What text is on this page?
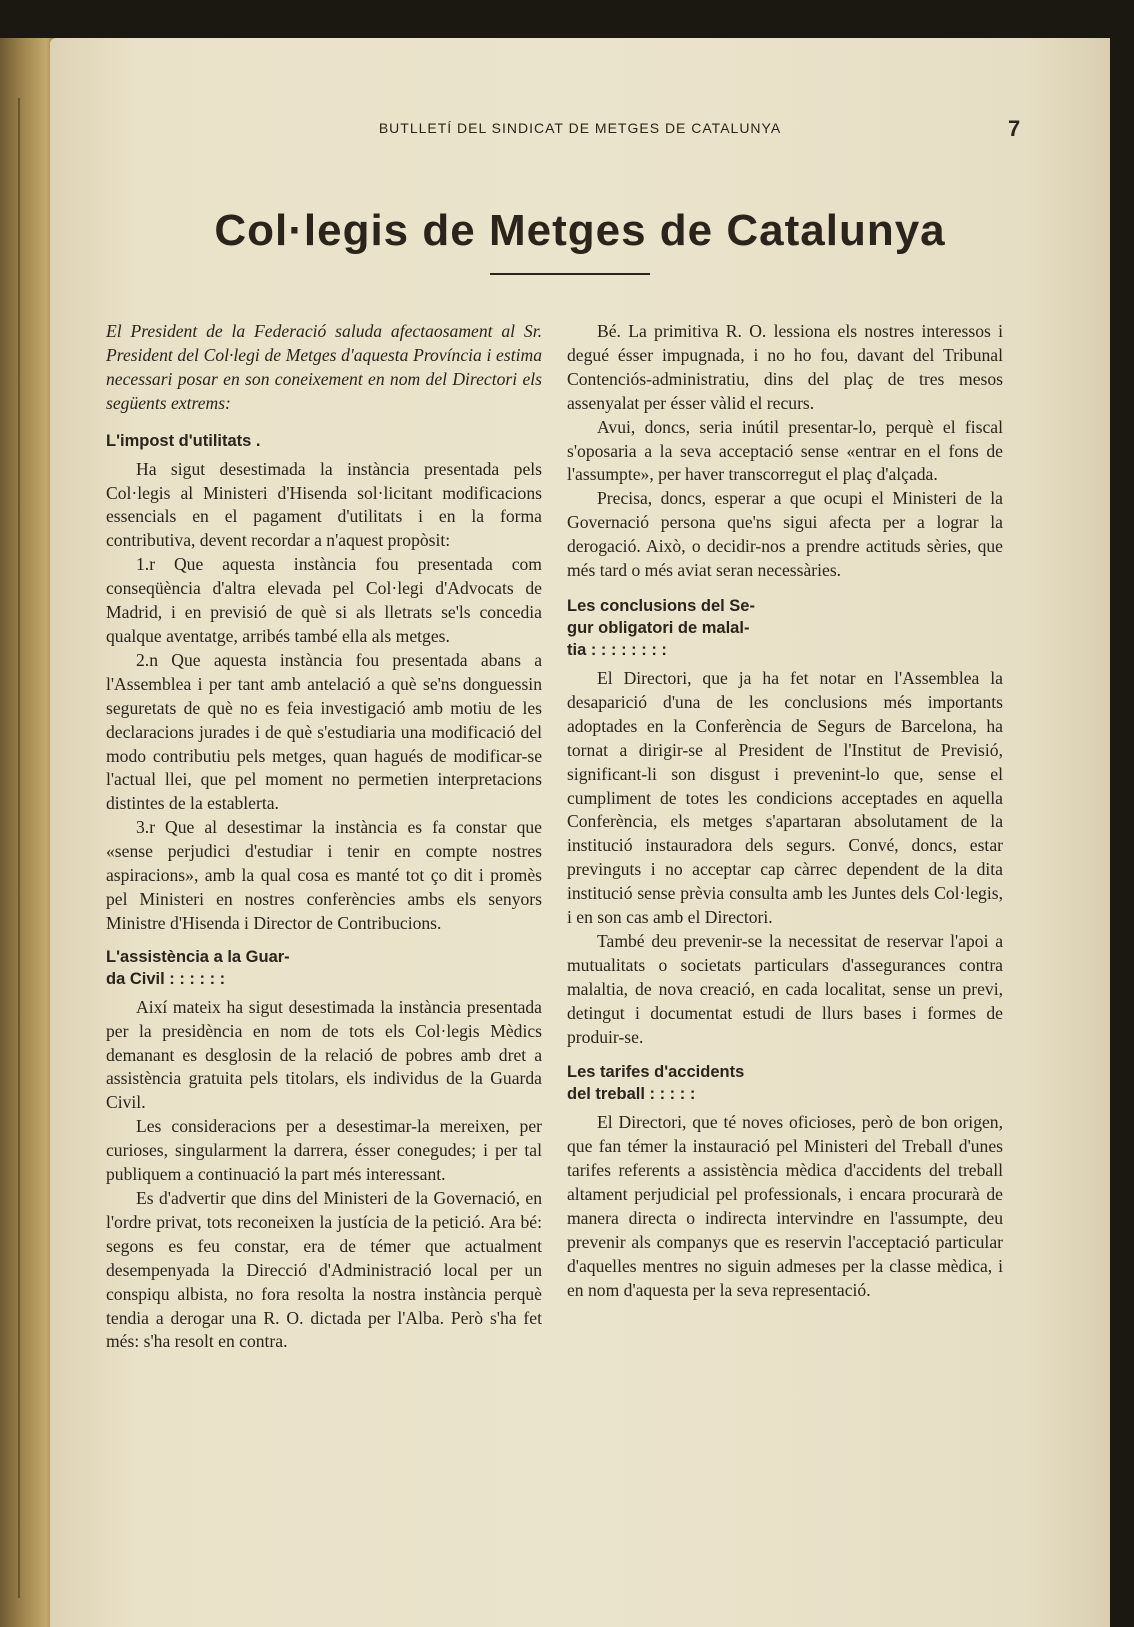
BUTLLETÍ DEL SINDICAT DE METGES DE CATALUNYA	7
Col·legis de Metges de Catalunya

El President de la Federació saluda afectaosament al Sr. President del Col·legi de Metges d'aquesta Província i estima necessari posar en son coneixement en nom del Directori els següents extrems:

L'impost d'utilitats .

Ha sigut desestimada la instància presentada pels Col·legis al Ministeri d'Hisenda sol·licitant modificacions essencials en el pagament d'utilitats i en la forma contributiva, devent recordar a n'aquest propòsit:

1.r Que aquesta instància fou presentada com conseqüència d'altra elevada pel Col·legi d'Advocats de Madrid, i en previsió de què si als lletrats se'ls concedia qualque aventatge, arribés també ella als metges.

2.n Que aquesta instància fou presentada abans a l'Assemblea i per tant amb antelació a què se'ns donguessin seguretats de què no es feia investigació amb motiu de les declaracions jurades i de què s'estudiaria una modificació del modo contributiu pels metges, quan hagués de modificar-se l'actual llei, que pel moment no permetien interpretacions distintes de la establerta.

3.r Que al desestimar la instància es fa constar que «sense perjudici d'estudiar i tenir en compte nostres aspiracions», amb la qual cosa es manté tot ço dit i promès pel Ministeri en nostres conferències ambs els senyors Ministre d'Hisenda i Director de Contribucions.

L'assistència a la Guar-
da Civil : : : : : :

Així mateix ha sigut desestimada la instància presentada per la presidència en nom de tots els Col·legis Mèdics demanant es desglosin de la relació de pobres amb dret a assistència gratuita pels titolars, els individus de la Guarda Civil.

Les consideracions per a desestimar-la mereixen, per curioses, singularment la darrera, ésser conegudes; i per tal publiquem a continuació la part més interessant.

Es d'advertir que dins del Ministeri de la Governació, en l'ordre privat, tots reconeixen la justícia de la petició. Ara bé: segons es feu constar, era de témer que actualment desempenyada la Direcció d'Administració local per un conspiqu albista, no fora resolta la nostra instància perquè tendia a derogar una R. O. dictada per l'Alba. Però s'ha fet més: s'ha resolt en contra.

Bé. La primitiva R. O. lessiona els nostres interessos i degué ésser impugnada, i no ho fou, davant del Tribunal Contenciós-administratiu, dins del plaç de tres mesos assenyalat per ésser vàlid el recurs.

Avui, doncs, seria inútil presentar-lo, perquè el fiscal s'oposaria a la seva acceptació sense «entrar en el fons de l'assumpte», per haver transcorregut el plaç d'alçada.

Precisa, doncs, esperar a que ocupi el Ministeri de la Governació persona que'ns sigui afecta per a lograr la derogació. Això, o decidir-nos a prendre actituds sèries, que més tard o més aviat seran necessàries.

Les conclusions del Se-
gur obligatori de malal-
tia : : : : : : : :

El Directori, que ja ha fet notar en l'Assemblea la desaparició d'una de les conclusions més importants adoptades en la Conferència de Segurs de Barcelona, ha tornat a dirigir-se al President de l'Institut de Previsió, significant-li son disgust i prevenint-lo que, sense el cumpliment de totes les condicions acceptades en aquella Conferència, els metges s'apartaran absolutament de la institució instauradora dels segurs. Convé, doncs, estar previnguts i no acceptar cap càrrec dependent de la dita institució sense prèvia consulta amb les Juntes dels Col·legis, i en son cas amb el Directori.

També deu prevenir-se la necessitat de reservar l'apoi a mutualitats o societats particulars d'assegurances contra malaltia, de nova creació, en cada localitat, sense un previ, detingut i documentat estudi de llurs bases i formes de produir-se.

Les tarifes d'accidents
del treball : : : : :

El Directori, que té noves oficioses, però de bon origen, que fan témer la instauració pel Ministeri del Treball d'unes tarifes referents a assistència mèdica d'accidents del treball altament perjudicial pel professionals, i encara procurarà de manera directa o indirecta intervindre en l'assumpte, deu prevenir als companys que es reservin l'acceptació particular d'aquelles mentres no siguin admeses per la classe mèdica, i en nom d'aquesta per la seva representació.
